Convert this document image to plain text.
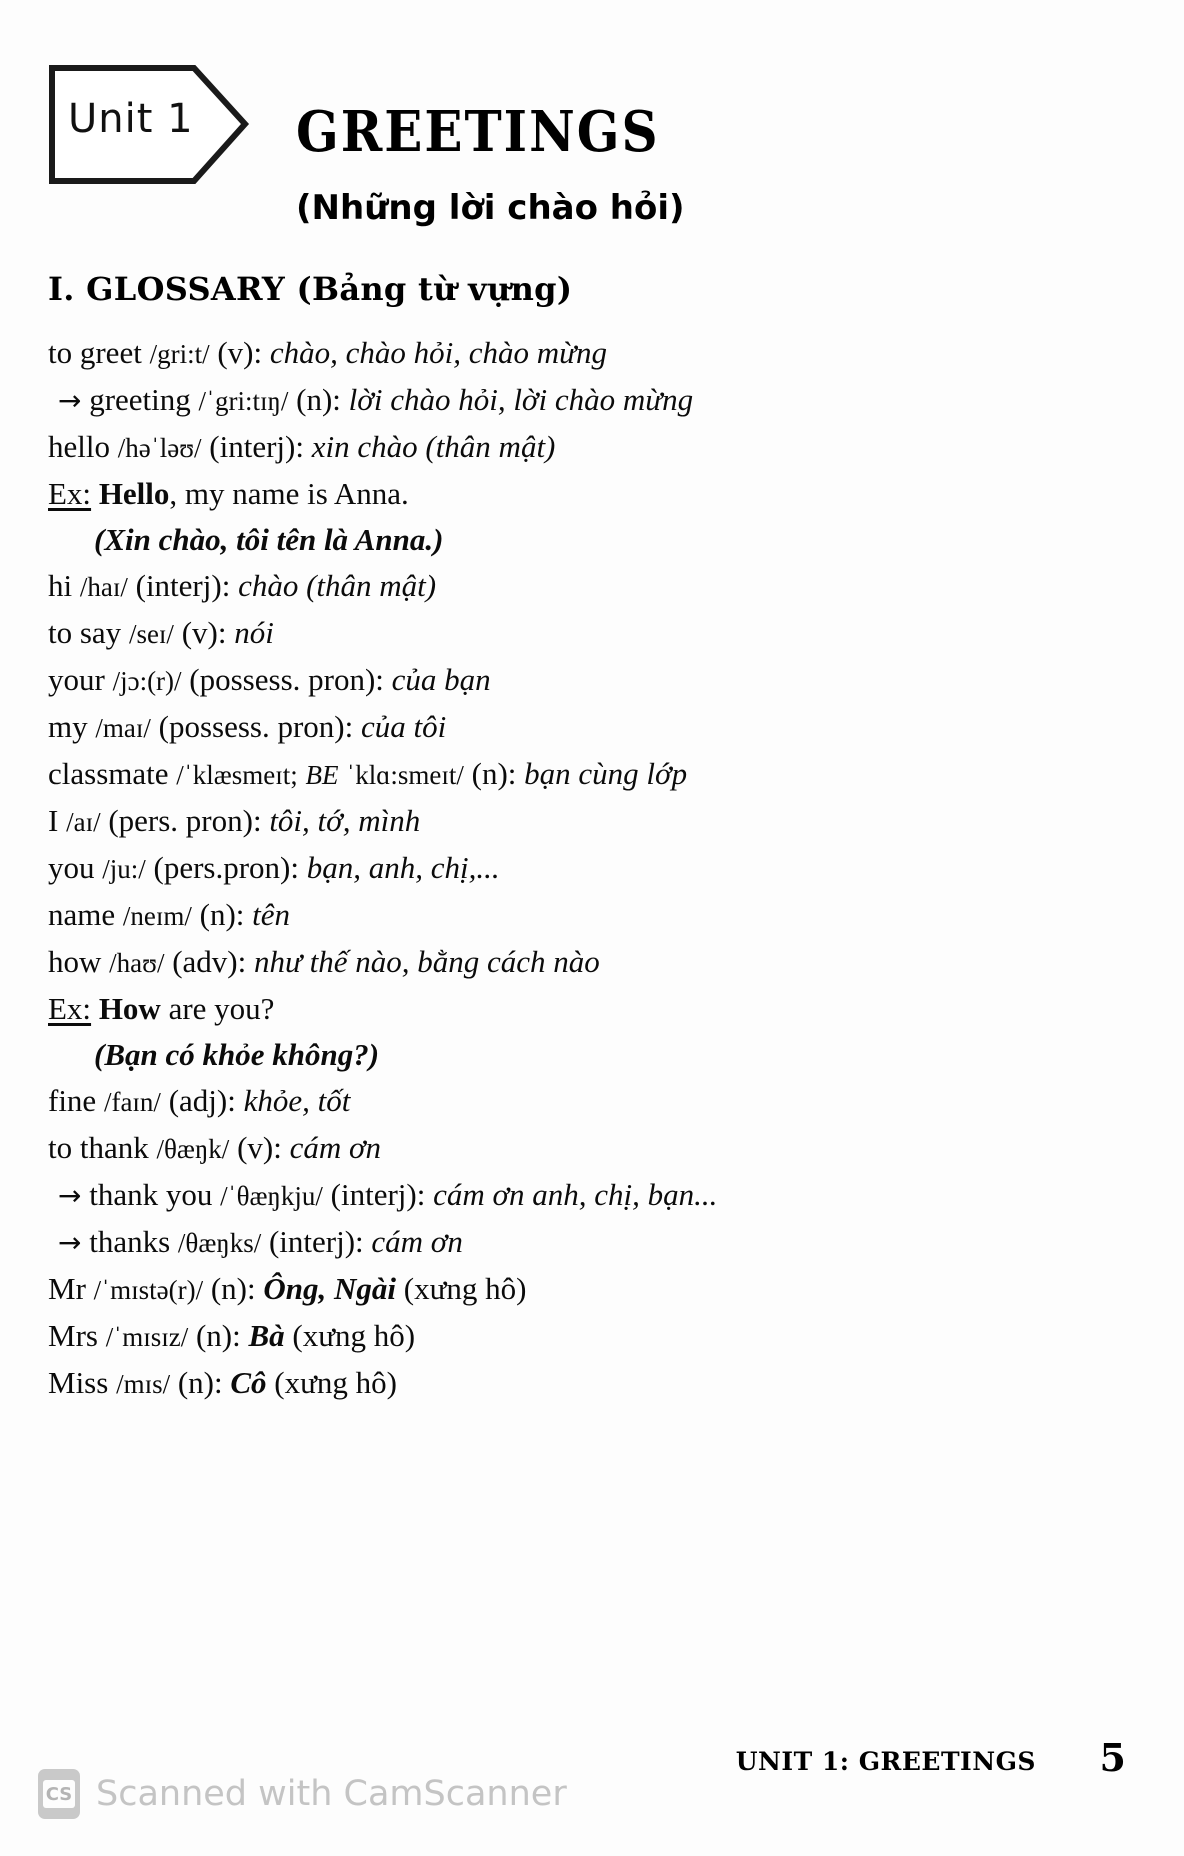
Unit 1	GREETINGS
(Những lời chào hỏi)
I. GLOSSARY (Bảng từ vựng)
to greet /gri:t/ (v): chào, chào hỏi, chào mừng
→ greeting /ˈgri:tɪŋ/ (n): lời chào hỏi, lời chào mừng
hello /həˈləʊ/ (interj): xin chào (thân mật)
Ex: Hello, my name is Anna.
(Xin chào, tôi tên là Anna.)
hi /haɪ/ (interj): chào (thân mật)
to say /seɪ/ (v): nói
your /jɔ:(r)/ (possess. pron): của bạn
my /maɪ/ (possess. pron): của tôi
classmate /ˈklæsmeɪt; BE ˈklɑ:smeɪt/ (n): bạn cùng lớp
I /aɪ/ (pers. pron): tôi, tớ, mình
you /ju:/ (pers.pron): bạn, anh, chị,...
name /neɪm/ (n): tên
how /haʊ/ (adv): như thế nào, bằng cách nào
Ex: How are you?
(Bạn có khỏe không?)
fine /faɪn/ (adj): khỏe, tốt
to thank /θæŋk/ (v): cám ơn
→ thank you /ˈθæŋkju/ (interj): cám ơn anh, chị, bạn...
→ thanks /θæŋks/ (interj): cám ơn
Mr /ˈmɪstə(r)/ (n): Ông, Ngài (xưng hô)
Mrs /ˈmɪsɪz/ (n): Bà (xưng hô)
Miss /mɪs/ (n): Cô (xưng hô)
CS Scanned with CamScanner
UNIT 1: GREETINGS 5
